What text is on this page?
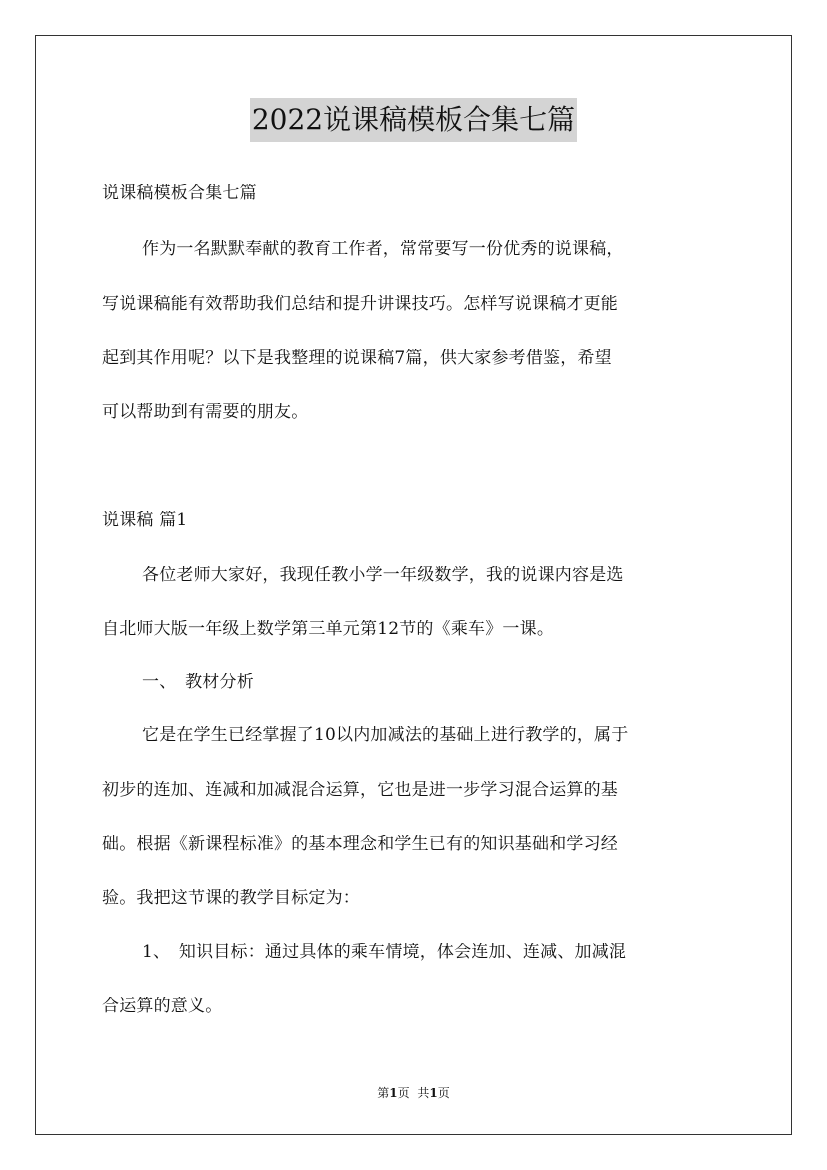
2022说课稿模板合集七篇

说课稿模板合集七篇

作为一名默默奉献的教育工作者，常常要写一份优秀的说课稿，

写说课稿能有效帮助我们总结和提升讲课技巧。怎样写说课稿才更能

起到其作用呢？以下是我整理的说课稿7篇，供大家参考借鉴，希望

可以帮助到有需要的朋友。

说课稿 篇1

各位老师大家好，我现任教小学一年级数学，我的说课内容是选

自北师大版一年级上数学第三单元第12节的《乘车》一课。

一、　教材分析

它是在学生已经掌握了10以内加减法的基础上进行教学的，属于

初步的连加、连减和加减混合运算，它也是进一步学习混合运算的基

础。根据《新课程标准》的基本理念和学生已有的知识基础和学习经

验。我把这节课的教学目标定为：

1、　知识目标：通过具体的乘车情境，体会连加、连减、加减混

合运算的意义。

第1页 共1页
